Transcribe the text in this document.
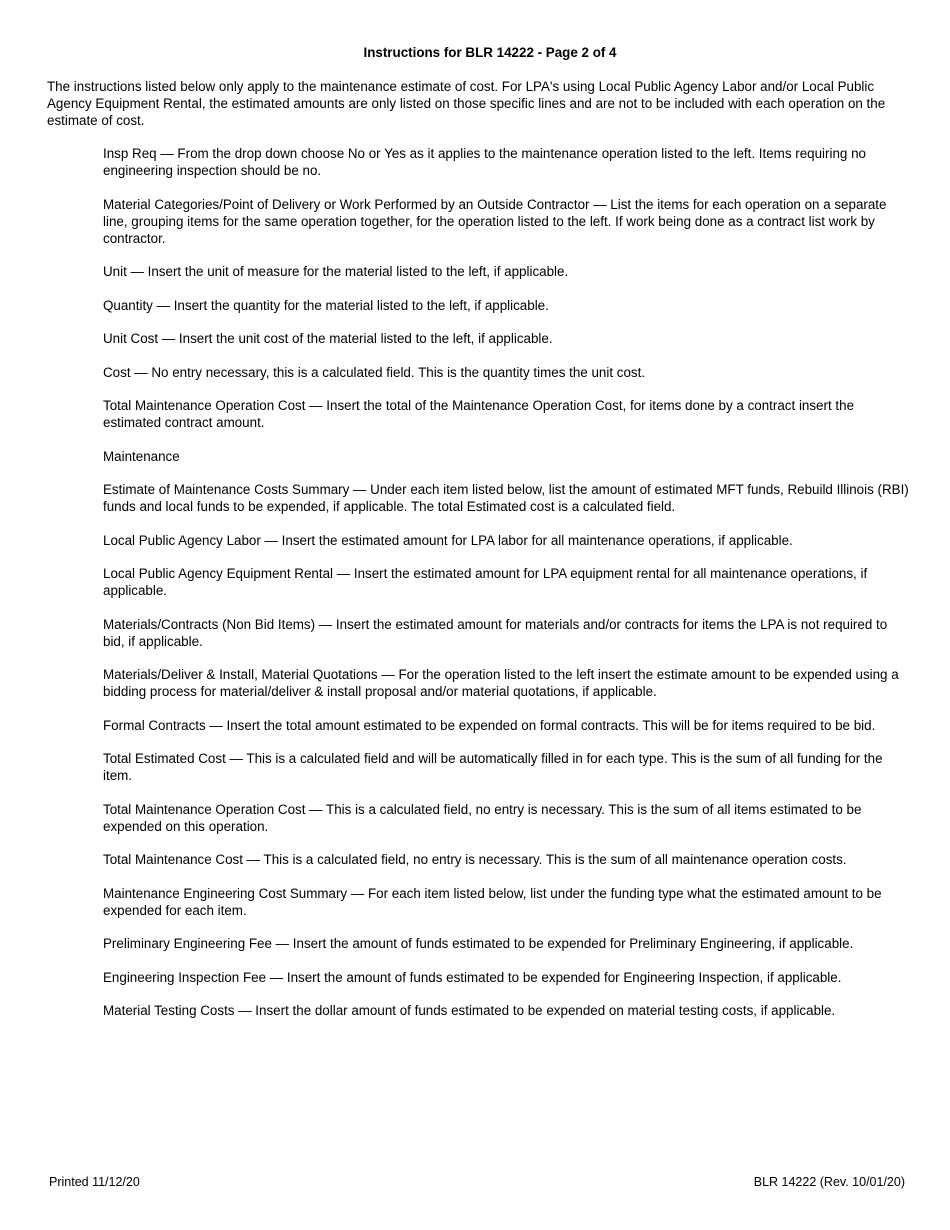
Instructions for BLR 14222 - Page 2 of 4

The instructions listed below only apply to the maintenance estimate of cost. For LPA's using Local Public Agency Labor and/or Local Public Agency Equipment Rental, the estimated amounts are only listed on those specific lines and are not to be included with each operation on the estimate of cost.

Insp Req — From the drop down choose No or Yes as it applies to the maintenance operation listed to the left. Items requiring no engineering inspection should be no.
Material Categories/Point of Delivery or Work Performed by an Outside Contractor — List the items for each operation on a separate line, grouping items for the same operation together, for the operation listed to the left. If work being done as a contract list work by contractor.
Unit — Insert the unit of measure for the material listed to the left, if applicable.
Quantity — Insert the quantity for the material listed to the left, if applicable.
Unit Cost — Insert the unit cost of the material listed to the left, if applicable.
Cost — No entry necessary, this is a calculated field. This is the quantity times the unit cost.
Total Maintenance Operation Cost — Insert the total of the Maintenance Operation Cost, for items done by a contract insert the estimated contract amount.
Maintenance
Estimate of Maintenance Costs Summary — Under each item listed below, list the amount of estimated MFT funds, Rebuild Illinois (RBI) funds and local funds to be expended, if applicable. The total Estimated cost is a calculated field.
Local Public Agency Labor — Insert the estimated amount for LPA labor for all maintenance operations, if applicable.
Local Public Agency Equipment Rental — Insert the estimated amount for LPA equipment rental for all maintenance operations, if applicable.
Materials/Contracts (Non Bid Items) — Insert the estimated amount for materials and/or contracts for items the LPA is not required to bid, if applicable.
Materials/Deliver & Install, Material Quotations — For the operation listed to the left insert the estimate amount to be expended using a bidding process for material/deliver & install proposal and/or material quotations, if applicable.
Formal Contracts — Insert the total amount estimated to be expended on formal contracts. This will be for items required to be bid.
Total Estimated Cost — This is a calculated field and will be automatically filled in for each type. This is the sum of all funding for the item.
Total Maintenance Operation Cost — This is a calculated field, no entry is necessary. This is the sum of all items estimated to be expended on this operation.
Total Maintenance Cost — This is a calculated field, no entry is necessary. This is the sum of all maintenance operation costs.
Maintenance Engineering Cost Summary — For each item listed below, list under the funding type what the estimated amount to be expended for each item.
Preliminary Engineering Fee — Insert the amount of funds estimated to be expended for Preliminary Engineering, if applicable.
Engineering Inspection Fee — Insert the amount of funds estimated to be expended for Engineering Inspection, if applicable.
Material Testing Costs — Insert the dollar amount of funds estimated to be expended on material testing costs, if applicable.
Printed 11/12/20	BLR 14222 (Rev. 10/01/20)
